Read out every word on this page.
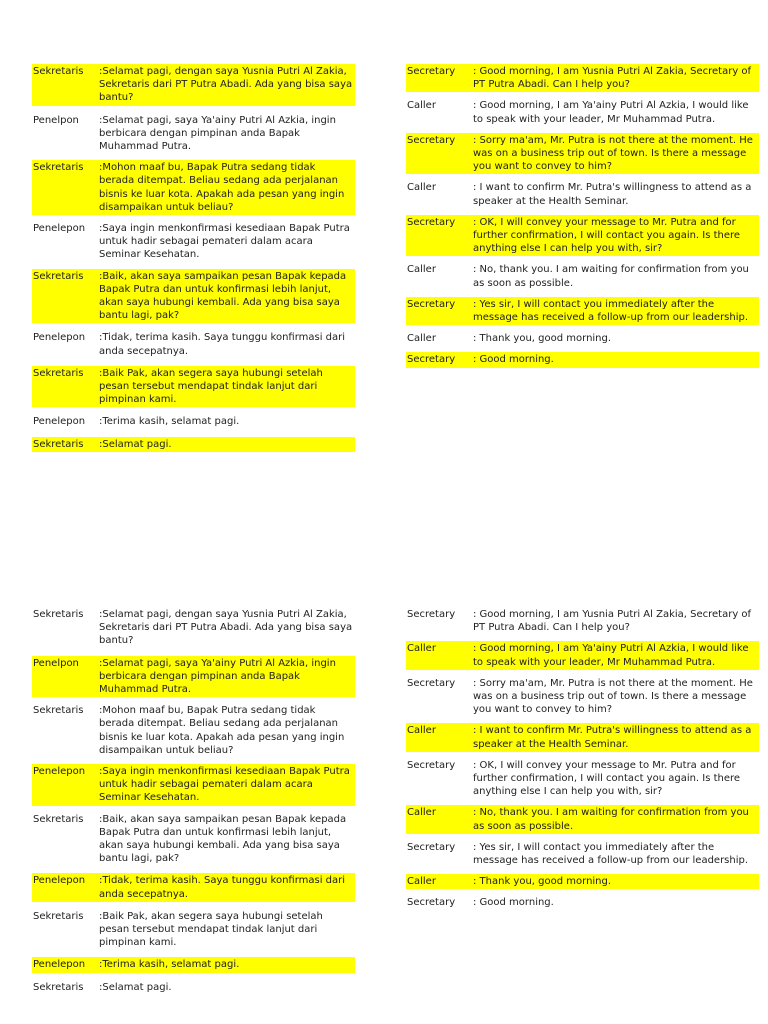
Sekretaris	:Selamat pagi, dengan saya Yusnia Putri Al Zakia, Sekretaris dari PT Putra Abadi. Ada yang bisa saya bantu?
Penelpon	:Selamat pagi, saya Ya'ainy Putri Al Azkia, ingin berbicara dengan pimpinan anda Bapak Muhammad Putra.
Sekretaris	:Mohon maaf bu, Bapak Putra sedang tidak berada ditempat. Beliau sedang ada perjalanan bisnis ke luar kota. Apakah ada pesan yang ingin disampaikan untuk beliau?
Penelepon	:Saya ingin menkonfirmasi kesediaan Bapak Putra untuk hadir sebagai pemateri dalam acara Seminar Kesehatan.
Sekretaris	:Baik, akan saya sampaikan pesan Bapak kepada Bapak Putra dan untuk konfirmasi lebih lanjut, akan saya hubungi kembali. Ada yang bisa saya bantu lagi, pak?
Penelepon	:Tidak, terima kasih. Saya tunggu konfirmasi dari anda secepatnya.
Sekretaris	:Baik Pak, akan segera saya hubungi setelah pesan tersebut mendapat tindak lanjut dari pimpinan kami.
Penelepon	:Terima kasih, selamat pagi.
Sekretaris	:Selamat pagi.
Secretary	: Good morning, I am Yusnia Putri Al Zakia, Secretary of PT Putra Abadi. Can I help you?
Caller	: Good morning, I am Ya'ainy Putri Al Azkia, I would like to speak with your leader, Mr Muhammad Putra.
Secretary	: Sorry ma'am, Mr. Putra is not there at the moment. He was on a business trip out of town. Is there a message you want to convey to him?
Caller	: I want to confirm Mr. Putra's willingness to attend as a speaker at the Health Seminar.
Secretary	: OK, I will convey your message to Mr. Putra and for further confirmation, I will contact you again. Is there anything else I can help you with, sir?
Caller	: No, thank you. I am waiting for confirmation from you as soon as possible.
Secretary	: Yes sir, I will contact you immediately after the message has received a follow-up from our leadership.
Caller	: Thank you, good morning.
Secretary	: Good morning.
Sekretaris	:Selamat pagi, dengan saya Yusnia Putri Al Zakia, Sekretaris dari PT Putra Abadi. Ada yang bisa saya bantu?
Penelpon	:Selamat pagi, saya Ya'ainy Putri Al Azkia, ingin berbicara dengan pimpinan anda Bapak Muhammad Putra.
Sekretaris	:Mohon maaf bu, Bapak Putra sedang tidak berada ditempat. Beliau sedang ada perjalanan bisnis ke luar kota. Apakah ada pesan yang ingin disampaikan untuk beliau?
Penelepon	:Saya ingin menkonfirmasi kesediaan Bapak Putra untuk hadir sebagai pemateri dalam acara Seminar Kesehatan.
Sekretaris	:Baik, akan saya sampaikan pesan Bapak kepada Bapak Putra dan untuk konfirmasi lebih lanjut, akan saya hubungi kembali. Ada yang bisa saya bantu lagi, pak?
Penelepon	:Tidak, terima kasih. Saya tunggu konfirmasi dari anda secepatnya.
Sekretaris	:Baik Pak, akan segera saya hubungi setelah pesan tersebut mendapat tindak lanjut dari pimpinan kami.
Penelepon	:Terima kasih, selamat pagi.
Sekretaris	:Selamat pagi.
Secretary	: Good morning, I am Yusnia Putri Al Zakia, Secretary of PT Putra Abadi. Can I help you?
Caller	: Good morning, I am Ya'ainy Putri Al Azkia, I would like to speak with your leader, Mr Muhammad Putra.
Secretary	: Sorry ma'am, Mr. Putra is not there at the moment. He was on a business trip out of town. Is there a message you want to convey to him?
Caller	: I want to confirm Mr. Putra's willingness to attend as a speaker at the Health Seminar.
Secretary	: OK, I will convey your message to Mr. Putra and for further confirmation, I will contact you again. Is there anything else I can help you with, sir?
Caller	: No, thank you. I am waiting for confirmation from you as soon as possible.
Secretary	: Yes sir, I will contact you immediately after the message has received a follow-up from our leadership.
Caller	: Thank you, good morning.
Secretary	: Good morning.
